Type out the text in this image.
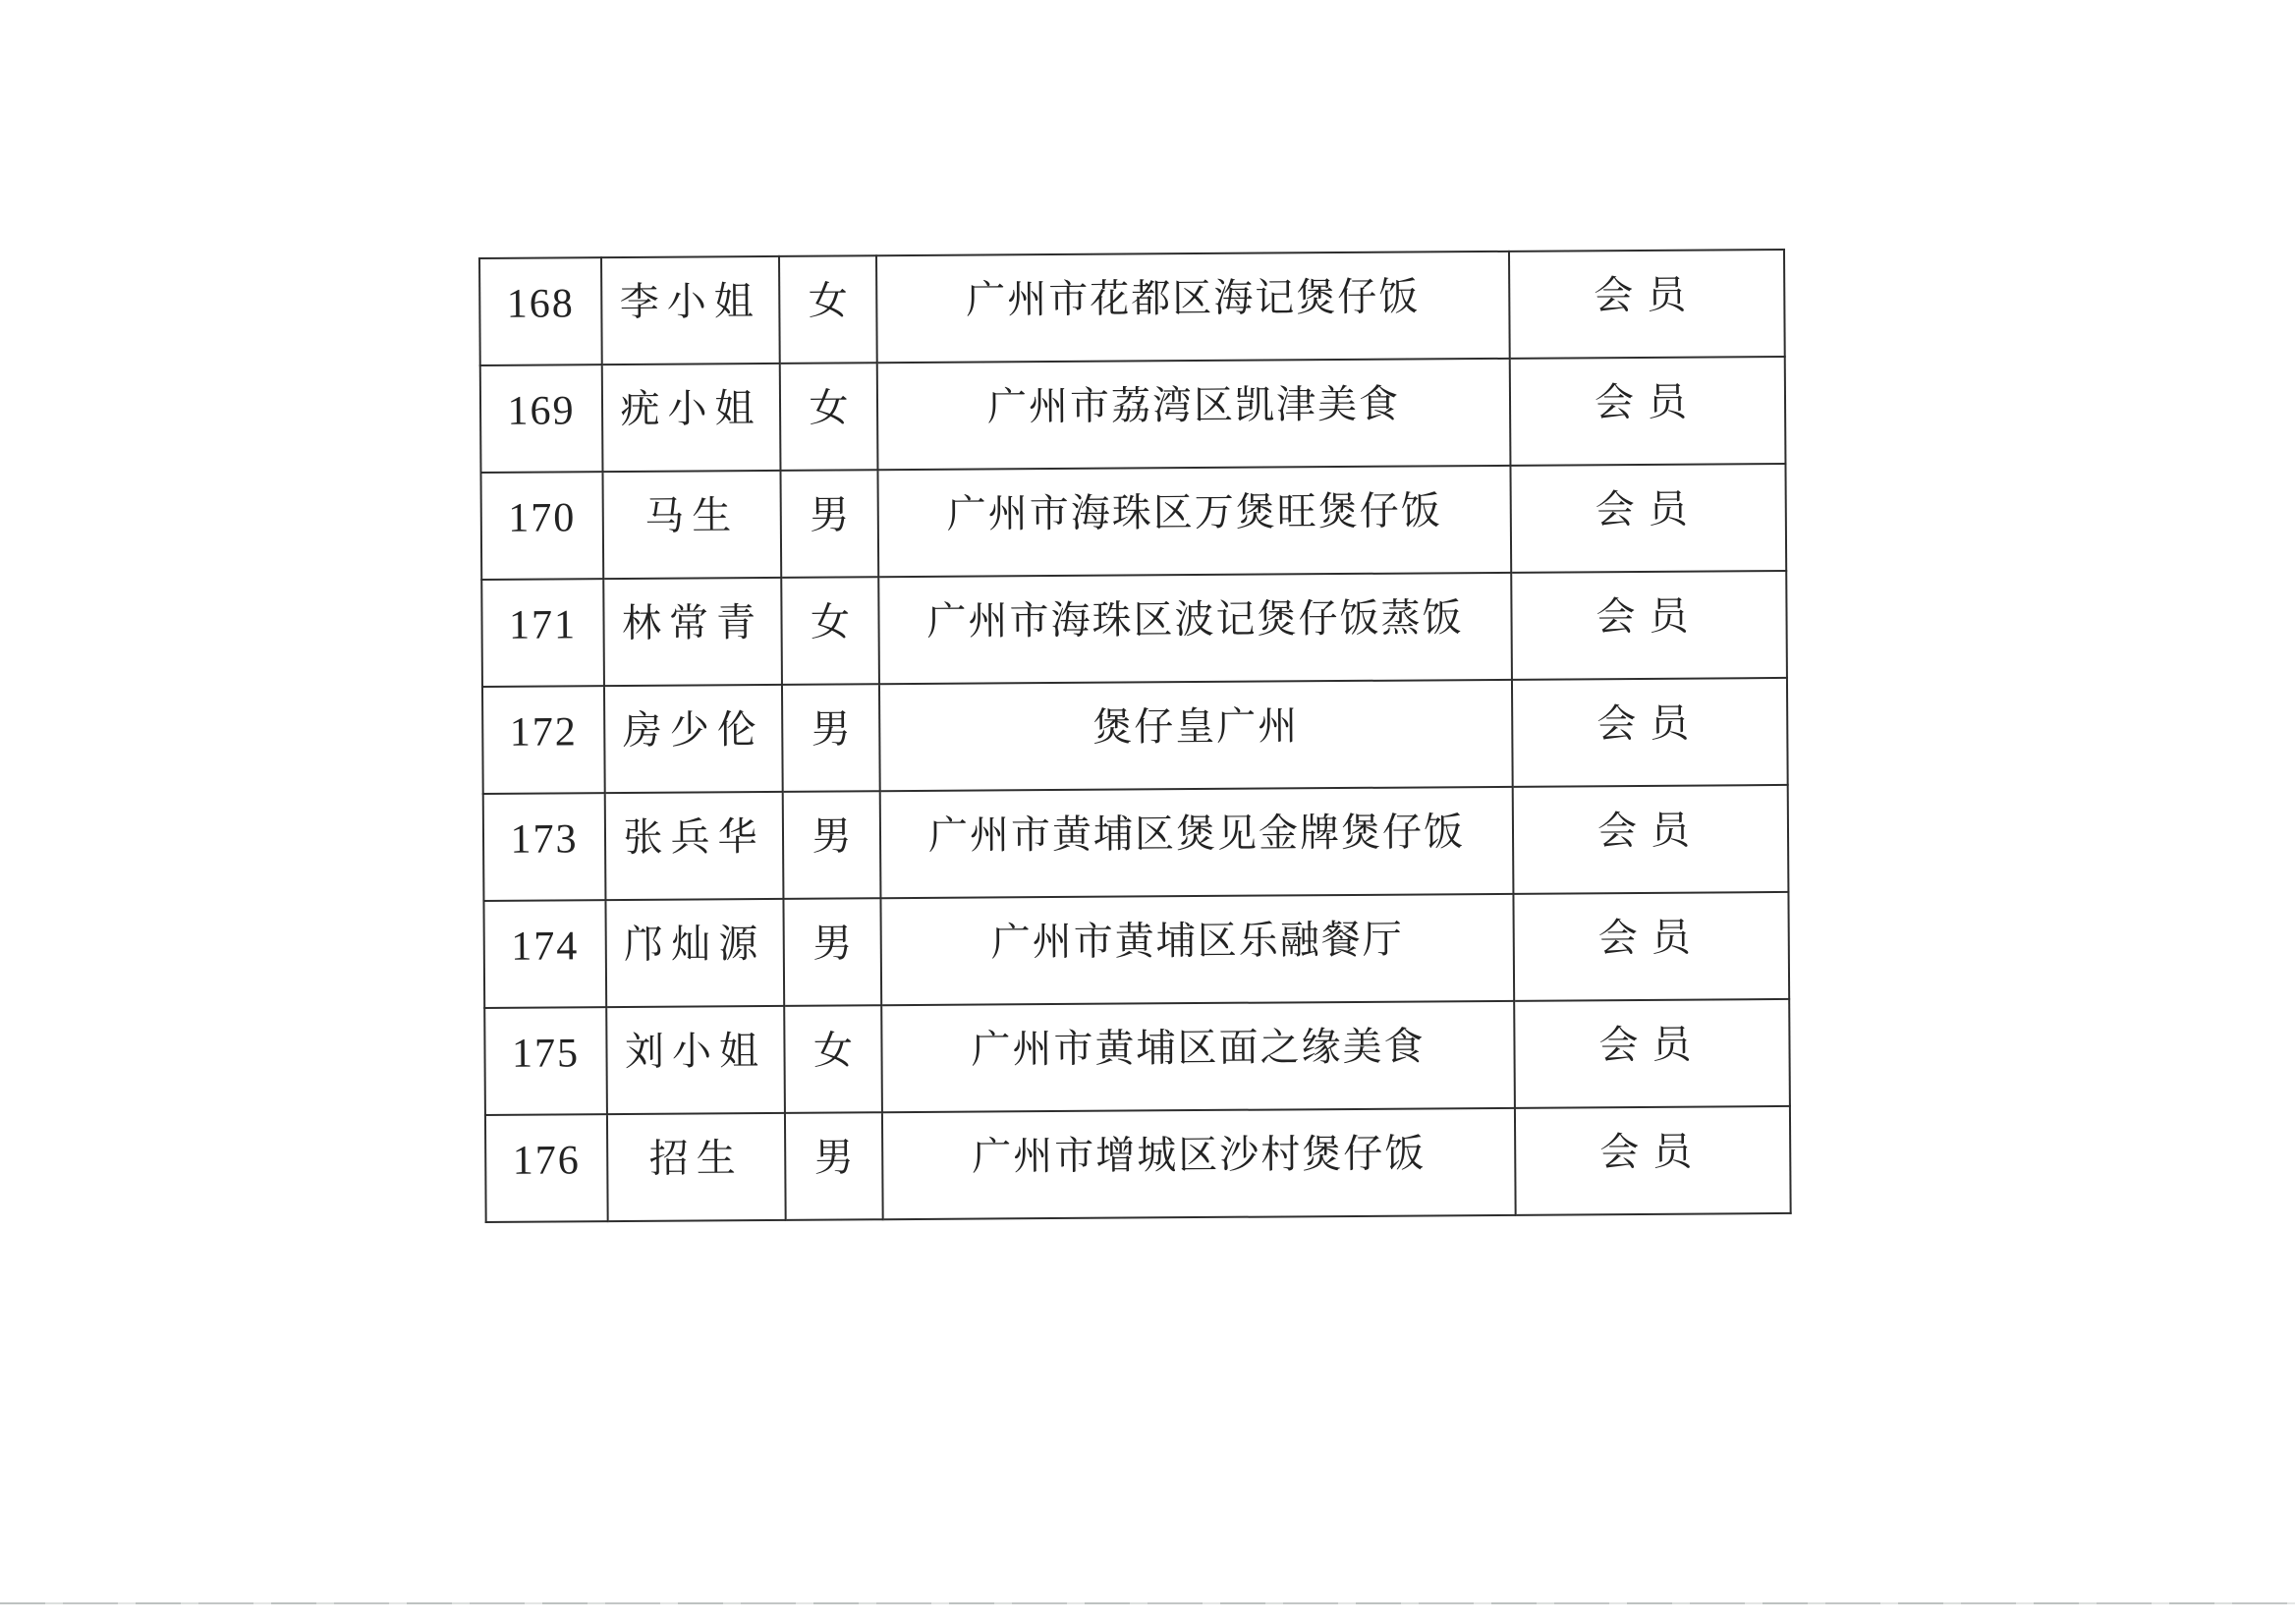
168	李小姐	女	广州市花都区海记煲仔饭	会员
169	疣小姐	女	广州市荔湾区凯津美食	会员
170	马生	男	广州市海珠区万煲旺煲仔饭	会员
171	林常青	女	广州市海珠区波记煲仔饭蒸饭	会员
172	房少伦	男	煲仔皇广州	会员
173	张兵华	男	广州市黄埔区煲见金牌煲仔饭	会员
174	邝灿源	男	广州市黄埔区乐融餐厅	会员
175	刘小姐	女	广州市黄埔区面之缘美食	会员
176	招生	男	广州市增城区沙村煲仔饭	会员
